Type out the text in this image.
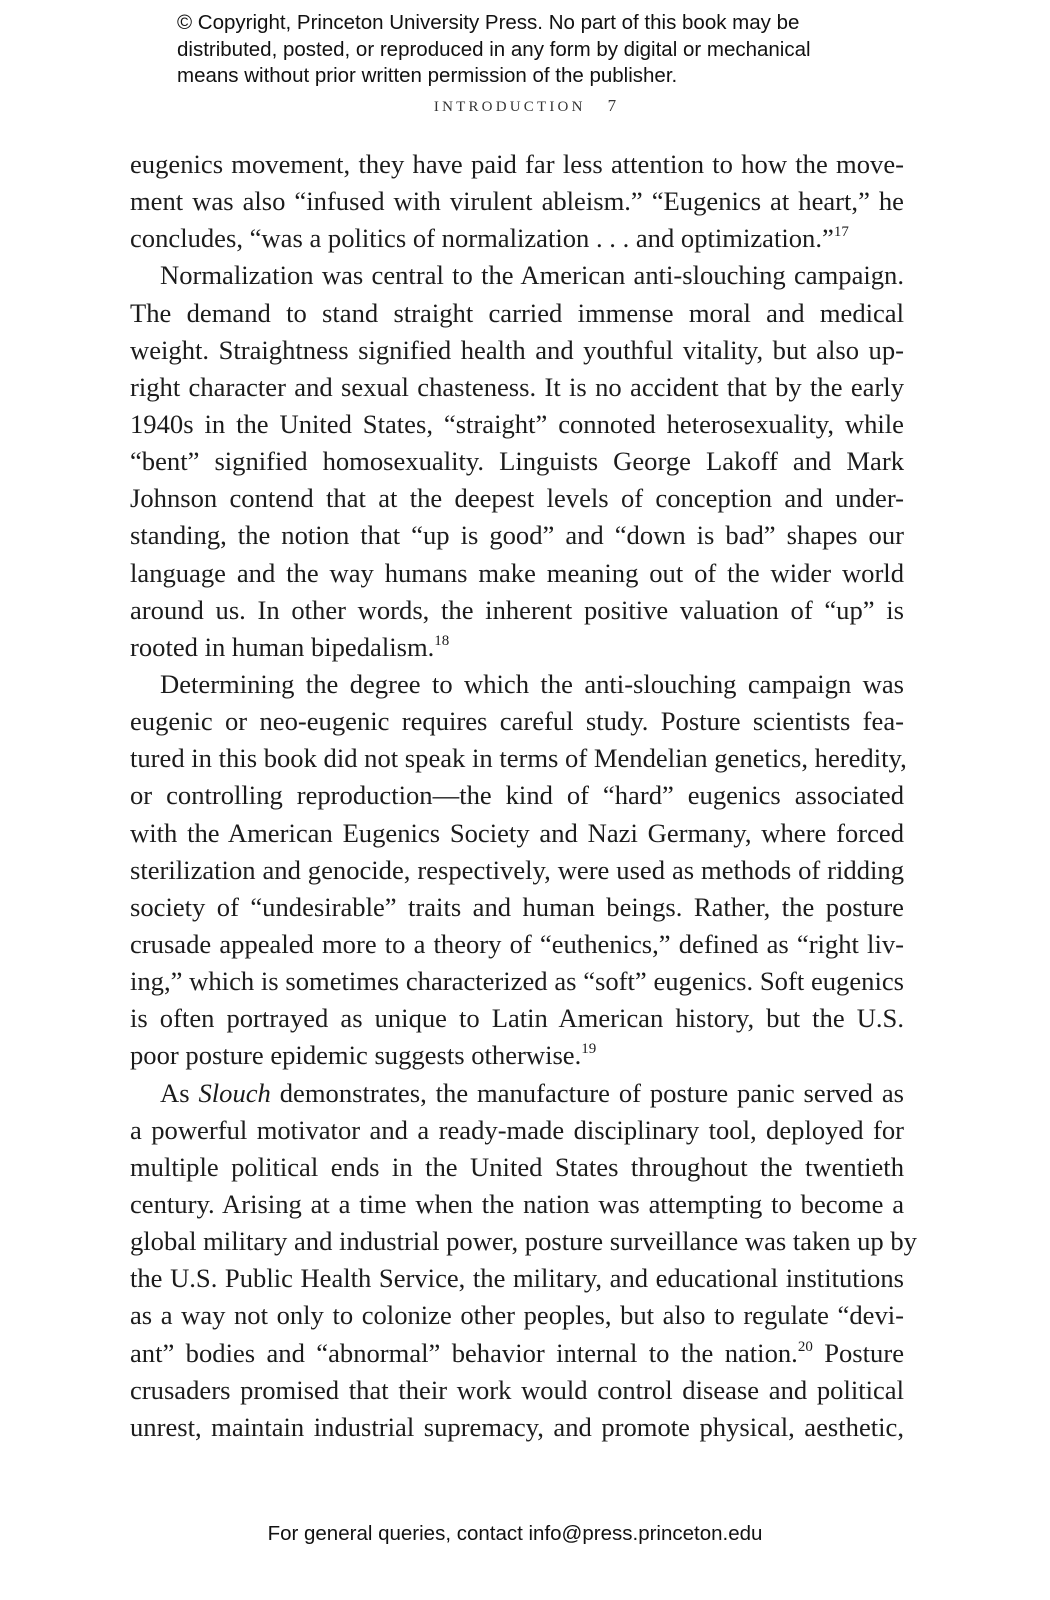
© Copyright, Princeton University Press. No part of this book may be
distributed, posted, or reproduced in any form by digital or mechanical
means without prior written permission of the publisher.
INTRODUCTION 7
eugenics movement, they have paid far less attention to how the move-
ment was also “infused with virulent ableism.” “Eugenics at heart,” he
concludes, “was a politics of normalization . . . and optimization.”$^{17}$
Normalization was central to the American anti-slouching campaign.
The demand to stand straight carried immense moral and medical
weight. Straightness signified health and youthful vitality, but also up-
right character and sexual chasteness. It is no accident that by the early
1940s in the United States, “straight” connoted heterosexuality, while
“bent” signified homosexuality. Linguists George Lakoff and Mark
Johnson contend that at the deepest levels of conception and under-
standing, the notion that “up is good” and “down is bad” shapes our
language and the way humans make meaning out of the wider world
around us. In other words, the inherent positive valuation of “up” is
rooted in human bipedalism.$^{18}$
Determining the degree to which the anti-slouching campaign was
eugenic or neo-eugenic requires careful study. Posture scientists fea-
tured in this book did not speak in terms of Mendelian genetics, heredity,
or controlling reproduction—the kind of “hard” eugenics associated
with the American Eugenics Society and Nazi Germany, where forced
sterilization and genocide, respectively, were used as methods of ridding
society of “undesirable” traits and human beings. Rather, the posture
crusade appealed more to a theory of “euthenics,” defined as “right liv-
ing,” which is sometimes characterized as “soft” eugenics. Soft eugenics
is often portrayed as unique to Latin American history, but the U.S.
poor posture epidemic suggests otherwise.$^{19}$
As Slouch demonstrates, the manufacture of posture panic served as
a powerful motivator and a ready-made disciplinary tool, deployed for
multiple political ends in the United States throughout the twentieth
century. Arising at a time when the nation was attempting to become a
global military and industrial power, posture surveillance was taken up by
the U.S. Public Health Service, the military, and educational institutions
as a way not only to colonize other peoples, but also to regulate “devi-
ant” bodies and “abnormal” behavior internal to the nation.$^{20}$ Posture
crusaders promised that their work would control disease and political
unrest, maintain industrial supremacy, and promote physical, aesthetic,
For general queries, contact info@press.princeton.edu
